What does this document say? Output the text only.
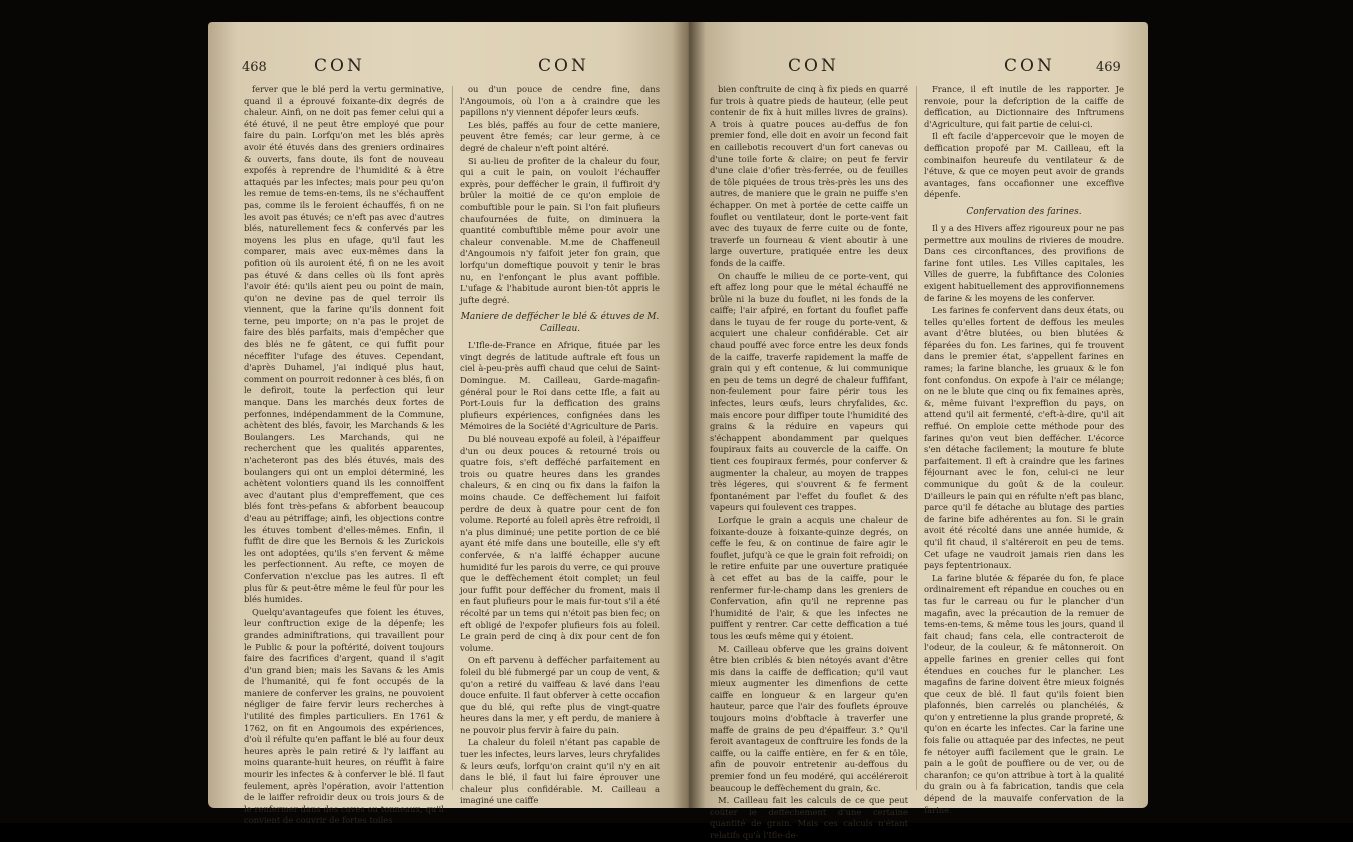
468	CON	CON

ferver que le blé perd la vertu germinative, quand il a éprouvé foixante-dix degrés de chaleur. Ainfi, on ne doit pas femer celui qui a été étuvé, il ne peut être employé que pour faire du pain. Lorfqu'on met les blés après avoir été étuvés dans des greniers ordinaires & ouverts, fans doute, ils font de nouveau expofés à reprendre de l'humidité & à être attaqués par les infectes; mais pour peu qu'on les remue de tems-en-tems, ils ne s'échauffent pas, comme ils le feroient échauffés, fi on ne les avoit pas étuvés; ce n'eft pas avec d'autres blés, naturellement fecs & confervés par les moyens les plus en ufage, qu'il faut les comparer, mais avec eux-mêmes dans la pofition où ils auroient été, fi on ne les avoit pas étuvé & dans celles où ils font après l'avoir été: qu'ils aient peu ou point de main, qu'on ne devine pas de quel terroir ils viennent, que la farine qu'ils donnent foit terne, peu importe; on n'a pas le projet de faire des blés parfaits, mais d'empêcher que des blés ne fe gâtent, ce qui fuffit pour néceffiter l'ufage des étuves. Cependant, d'après Duhamel, j'ai indiqué plus haut, comment on pourroit redonner à ces blés, fi on le defiroit, toute la perfection qui leur manque. Dans les marchés deux fortes de perfonnes, indépendamment de la Commune, achètent des blés, favoir, les Marchands & les Boulangers. Les Marchands, qui ne recherchent que les qualités apparentes, n'acheteront pas des blés étuvés, mais des boulangers qui ont un emploi déterminé, les achètent volontiers quand ils les connoiffent avec d'autant plus d'empreffement, que ces blés font très-pefans & abforbent beaucoup d'eau au pétriffage; ainfi, les objections contre les étuves tombent d'elles-mêmes. Enfin, il fuffit de dire que les Bernois & les Zurickois les ont adoptées, qu'ils s'en fervent & même les perfectionnent. Au refte, ce moyen de Confervation n'exclue pas les autres. Il eft plus fûr & peut-être même le feul fûr pour les blés humides.

Quelqu'avantageufes que foient les étuves, leur conftruction exige de la dépenfe; les grandes adminiftrations, qui travaillent pour le Public & pour la poftérité, doivent toujours faire des facrifices d'argent, quand il s'agit d'un grand bien; mais les Savans & les Amis de l'humanité, qui fe font occupés de la maniere de conferver les grains, ne pouvoient négliger de faire fervir leurs recherches à l'utilité des fimples particuliers. En 1761 & 1762, on fit en Angoumois des expériences, d'où il réfulte qu'en paffant le blé au four deux heures après le pain retiré & l'y laiffant au moins quarante-huit heures, on réuffit à faire mourir les infectes & à conferver le blé. Il faut feulement, après l'opération, avoir l'attention de le laiffer refroidir deux ou trois jours & de le renfermer dans des caves ou tonneaux, qu'il convient de couvrir de fortes toiles

ou d'un pouce de cendre fine, dans l'Angoumois, où l'on a à craindre que les papillons n'y viennent dépofer leurs œufs.

Les blés, paffés au four de cette maniere, peuvent être femés; car leur germe, à ce degré de chaleur n'eft point altéré.

Si au-lieu de profiter de la chaleur du four, qui a cuit le pain, on vouloit l'échauffer exprès, pour deffécher le grain, il fuffiroit d'y brûler la moitié de ce qu'on emploie de combuftible pour le pain. Si l'on fait plufieurs chaufournées de fuite, on diminuera la quantité combuftible même pour avoir une chaleur convenable. M.me de Chaffeneuil d'Angoumois n'y faifoit jeter fon grain, que lorfqu'un domeftique pouvoit y tenir le bras nu, en l'enfonçant le plus avant poffible. L'ufage & l'habitude auront bien-tôt appris le jufte degré.

Maniere de deffécher le blé & étuves de M. Cailleau.

L'Ifle-de-France en Afrique, fituée par les vingt degrés de latitude auftrale eft fous un ciel à-peu-près auffi chaud que celui de Saint-Domingue. M. Cailleau, Garde-magafin-général pour le Roi dans cette Ifle, a fait au Port-Louis fur la deffication des grains plufieurs expériences, confignées dans les Mémoires de la Société d'Agriculture de Paris.

Du blé nouveau expofé au foleil, à l'épaiffeur d'un ou deux pouces & retourné trois ou quatre fois, s'eft defféché parfaitement en trois ou quatre heures dans les grandes chaleurs, & en cinq ou fix dans la faifon la moins chaude. Ce deffèchement lui faifoit perdre de deux à quatre pour cent de fon volume. Reporté au foleil après être refroidi, il n'a plus diminué; une petite portion de ce blé ayant été mife dans une bouteille, elle s'y eft confervée, & n'a laiffé échapper aucune humidité fur les parois du verre, ce qui prouve que le deffèchement étoit complet; un feul jour fuffit pour deffécher du froment, mais il en faut plufieurs pour le mais fur-tout s'il a été récolté par un tems qui n'étoit pas bien fec; on eft obligé de l'expofer plufieurs fois au foleil. Le grain perd de cinq à dix pour cent de fon volume.

On eft parvenu à deffécher parfaitement au foleil du blé fubmergé par un coup de vent, & qu'on a retiré du vaiffeau & lavé dans l'eau douce enfuite. Il faut obferver à cette occafion que du blé, qui refte plus de vingt-quatre heures dans la mer, y eft perdu, de maniere à ne pouvoir plus fervir à faire du pain.

La chaleur du foleil n'étant pas capable de tuer les infectes, leurs larves, leurs chryfalides & leurs œufs, lorfqu'on craint qu'il n'y en ait dans le blé, il faut lui faire éprouver une chaleur plus confidérable. M. Cailleau a imaginé une caiffe

CON	CON	469

bien conftruite de cinq à fix pieds en quarré fur trois à quatre pieds de hauteur, (elle peut contenir de fix à huit milles livres de grains). A trois à quatre pouces au-deffus de fon premier fond, elle doit en avoir un fecond fait en caillebotis recouvert d'un fort canevas ou d'une toile forte & claire; on peut fe fervir d'une claie d'ofier très-ferrée, ou de feuilles de tôle piquées de trous très-près les uns des autres, de maniere que le grain ne puiffe s'en échapper. On met à portée de cette caiffe un fouflet ou ventilateur, dont le porte-vent fait avec des tuyaux de ferre cuite ou de fonte, traverfe un fourneau & vient aboutir à une large ouverture, pratiquée entre les deux fonds de la caiffe.

On chauffe le milieu de ce porte-vent, qui eft affez long pour que le métal échauffé ne brûle ni la buze du fouflet, ni les fonds de la caiffe; l'air afpiré, en fortant du fouflet paffe dans le tuyau de fer rouge du porte-vent, & acquiert une chaleur confidérable. Cet air chaud pouffé avec force entre les deux fonds de la caiffe, traverfe rapidement la maffe de grain qui y eft contenue, & lui communique en peu de tems un degré de chaleur fuffifant, non-feulement pour faire périr tous les infectes, leurs œufs, leurs chryfalides, &c. mais encore pour diffiper toute l'humidité des grains & la réduire en vapeurs qui s'échappent abondamment par quelques foupiraux faits au couvercle de la caiffe. On tient ces foupiraux fermés, pour conferver & augmenter la chaleur, au moyen de trappes très légeres, qui s'ouvrent & fe ferment fpontanément par l'effet du fouflet & des vapeurs qui foulevent ces trappes.

Lorfque le grain a acquis une chaleur de foixante-douze à foixante-quinze degrés, on ceffe le feu, & on continue de faire agir le fouflet, jufqu'à ce que le grain foit refroidi; on le retire enfuite par une ouverture pratiquée à cet effet au bas de la caiffe, pour le renfermer fur-le-champ dans les greniers de Confervation, afin qu'il ne reprenne pas l'humidité de l'air, & que les infectes ne puiffent y rentrer. Car cette deffication a tué tous les œufs même qui y étoient.

M. Cailleau obferve que les grains doivent être bien criblés & bien nétoyés avant d'être mis dans la caiffe de deffication; qu'il vaut mieux augmenter les dimenfions de cette caiffe en longueur & en largeur qu'en hauteur, parce que l'air des fouflets éprouve toujours moins d'obftacle à traverfer une maffe de grains de peu d'épaiffeur. 3.° Qu'il feroit avantageux de conftruire les fonds de la caiffe, ou la caiffe entière, en fer & en tôle, afin de pouvoir entretenir au-deffous du premier fond un feu modéré, qui accéléreroit beaucoup le deffèchement du grain, &c.

M. Cailleau fait les calculs de ce que peut coûter le deffèchement d'une certaine quantité de grain. Mais ces calculs n'étant relatifs qu'à l'Ifle-de-

France, il eft inutile de les rapporter. Je renvoie, pour la defcription de la caiffe de deffication, au Dictionnaire des Inftrumens d'Agriculture, qui fait partie de celui-ci.

Il eft facile d'appercevoir que le moyen de deffication propofé par M. Cailleau, eft la combinaifon heureufe du ventilateur & de l'étuve, & que ce moyen peut avoir de grands avantages, fans occafionner une exceffive dépenfe.

Confervation des farines.

Il y a des Hivers affez rigoureux pour ne pas permettre aux moulins de rivieres de moudre. Dans ces circonftances, des provifions de farine font utiles. Les Villes capitales, les Villes de guerre, la fubfiftance des Colonies exigent habituellement des approvifionnemens de farine & les moyens de les conferver.

Les farines fe confervent dans deux états, ou telles qu'elles fortent de deffous les meules avant d'être blutées, ou bien blutées & féparées du fon. Les farines, qui fe trouvent dans le premier état, s'appellent farines en rames; la farine blanche, les gruaux & le fon font confondus. On expofe à l'air ce mélange; on ne le blute que cinq ou fix femaines après, &, même fuivant l'expreffion du pays, on attend qu'il ait fermenté, c'eft-à-dire, qu'il ait reffué. On emploie cette méthode pour des farines qu'on veut bien deffécher. L'écorce s'en détache facilement; la mouture fe blute parfaitement. Il eft à craindre que les farines féjournant avec le fon, celui-ci ne leur communique du goût & de la couleur. D'ailleurs le pain qui en réfulte n'eft pas blanc, parce qu'il fe détache au blutage des parties de farine bife adhérentes au fon. Si le grain avoit été récolté dans une année humide, & qu'il fit chaud, il s'altéreroit en peu de tems. Cet ufage ne vaudroit jamais rien dans les pays feptentrionaux.

La farine blutée & féparée du fon, fe place ordinairement eft répandue en couches ou en tas fur le carreau ou fur le plancher d'un magafin, avec la précaution de la remuer de tems-en-tems, & même tous les jours, quand il fait chaud; fans cela, elle contracteroit de l'odeur, de la couleur, & fe mâtonneroit. On appelle farines en grenier celles qui font étendues en couches fur le plancher. Les magafins de farine doivent être mieux foignés que ceux de blé. Il faut qu'ils foient bien plafonnés, bien carrelés ou planchéiés, & qu'on y entretienne la plus grande propreté, & qu'on en écarte les infectes. Car la farine une fois falie ou attaquée par des infectes, ne peut fe nétoyer auffi facilement que le grain. Le pain a le goût de pouffiere ou de ver, ou de charanfon; ce qu'on attribue à tort à la qualité du grain ou à fa fabrication, tandis que cela dépend de la mauvaife confervation de la farine.
